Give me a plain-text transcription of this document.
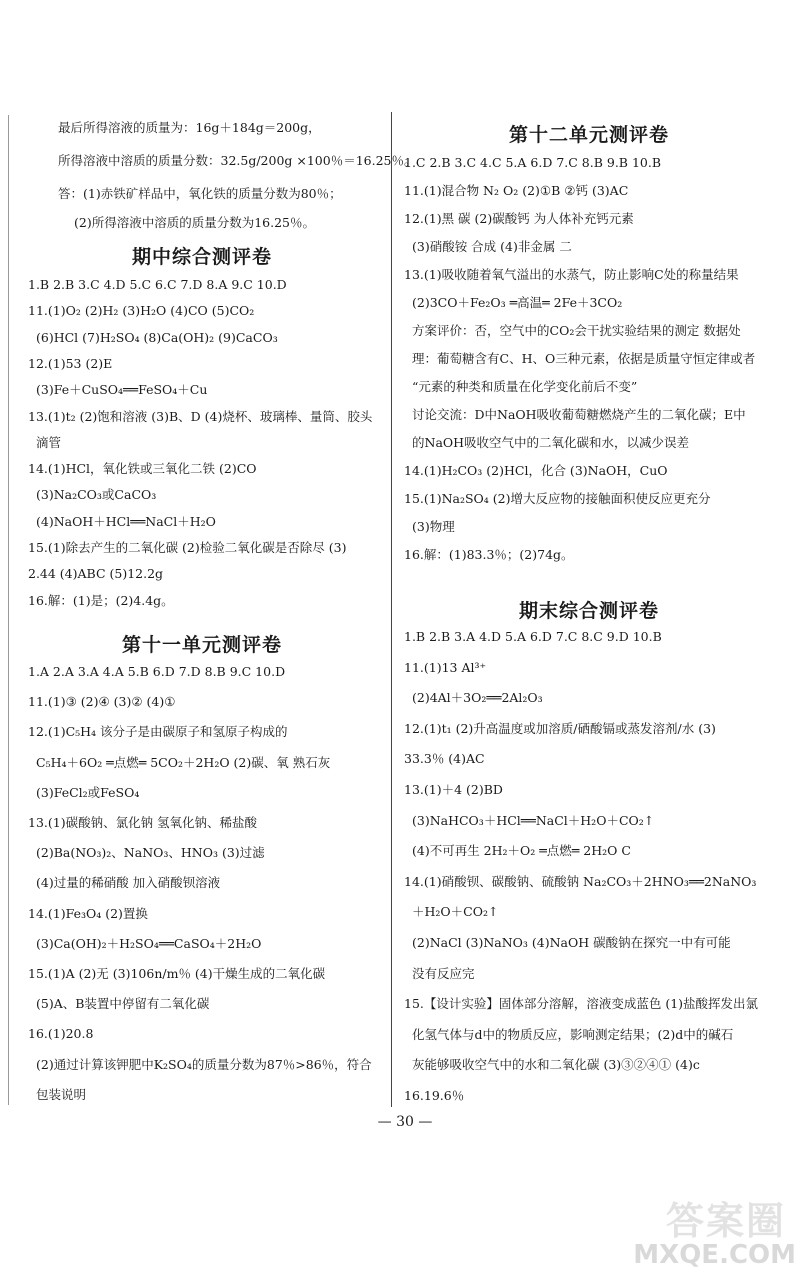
最后所得溶液的质量为：16g＋184g＝200g，
所得溶液中溶质的质量分数：32.5g/200g ×100％＝16.25％。
答：(1)赤铁矿样品中，氧化铁的质量分数为80％；
(2)所得溶液中溶质的质量分数为16.25％。
期中综合测评卷
1.B 2.B 3.C 4.D 5.C 6.C 7.D 8.A 9.C 10.D
11.(1)O₂ (2)H₂ (3)H₂O (4)CO (5)CO₂
(6)HCl (7)H₂SO₄ (8)Ca(OH)₂ (9)CaCO₃
12.(1)53 (2)E
(3)Fe＋CuSO₄══FeSO₄＋Cu
13.(1)t₂ (2)饱和溶液 (3)B、D (4)烧杯、玻璃棒、量筒、胶头
滴管
14.(1)HCl，氧化铁或三氧化二铁 (2)CO
(3)Na₂CO₃或CaCO₃
(4)NaOH＋HCl══NaCl＋H₂O
15.(1)除去产生的二氧化碳 (2)检验二氧化碳是否除尽 (3)
2.44 (4)ABC (5)12.2g
16.解：(1)是；(2)4.4g。
第十一单元测评卷
1.A 2.A 3.A 4.A 5.B 6.D 7.D 8.B 9.C 10.D
11.(1)③ (2)④ (3)② (4)①
12.(1)C₅H₄ 该分子是由碳原子和氢原子构成的
C₅H₄＋6O₂ ═点燃═ 5CO₂＋2H₂O (2)碳、氧 熟石灰
(3)FeCl₂或FeSO₄
13.(1)碳酸钠、氯化钠 氢氧化钠、稀盐酸
(2)Ba(NO₃)₂、NaNO₃、HNO₃ (3)过滤
(4)过量的稀硝酸 加入硝酸钡溶液
14.(1)Fe₃O₄ (2)置换
(3)Ca(OH)₂＋H₂SO₄══CaSO₄＋2H₂O
15.(1)A (2)无 (3)106n/m％ (4)干燥生成的二氧化碳
(5)A、B装置中停留有二氧化碳
16.(1)20.8
(2)通过计算该钾肥中K₂SO₄的质量分数为87％>86％，符合
包装说明
第十二单元测评卷
1.C 2.B 3.C 4.C 5.A 6.D 7.C 8.B 9.B 10.B
11.(1)混合物 N₂ O₂ (2)①B ②钙 (3)AC
12.(1)黑 碳 (2)碳酸钙 为人体补充钙元素
(3)硝酸铵 合成 (4)非金属 二
13.(1)吸收随着氧气溢出的水蒸气，防止影响C处的称量结果
(2)3CO＋Fe₂O₃ ═高温═ 2Fe＋3CO₂
方案评价：否，空气中的CO₂会干扰实验结果的测定 数据处
理：葡萄糖含有C、H、O三种元素，依据是质量守恒定律或者
“元素的种类和质量在化学变化前后不变”
讨论交流：D中NaOH吸收葡萄糖燃烧产生的二氧化碳；E中
的NaOH吸收空气中的二氧化碳和水，以减少误差
14.(1)H₂CO₃ (2)HCl，化合 (3)NaOH，CuO
15.(1)Na₂SO₄ (2)增大反应物的接触面积使反应更充分
(3)物理
16.解：(1)83.3％；(2)74g。
期末综合测评卷
1.B 2.B 3.A 4.D 5.A 6.D 7.C 8.C 9.D 10.B
11.(1)13 Al³⁺
(2)4Al＋3O₂══2Al₂O₃
12.(1)t₁ (2)升高温度或加溶质/硒酸镉或蒸发溶剂/水 (3)
33.3％ (4)AC
13.(1)＋4 (2)BD
(3)NaHCO₃＋HCl══NaCl＋H₂O＋CO₂↑
(4)不可再生 2H₂＋O₂ ═点燃═ 2H₂O C
14.(1)硝酸钡、碳酸钠、硫酸钠 Na₂CO₃＋2HNO₃══2NaNO₃
＋H₂O＋CO₂↑
(2)NaCl (3)NaNO₃ (4)NaOH 碳酸钠在探究一中有可能
没有反应完
15.【设计实验】固体部分溶解，溶液变成蓝色 (1)盐酸挥发出氯
化氢气体与d中的物质反应，影响测定结果；(2)d中的碱石
灰能够吸收空气中的水和二氧化碳 (3)③②④① (4)c
16.19.6％
— 30 —
答案圈
MXQE.COM
